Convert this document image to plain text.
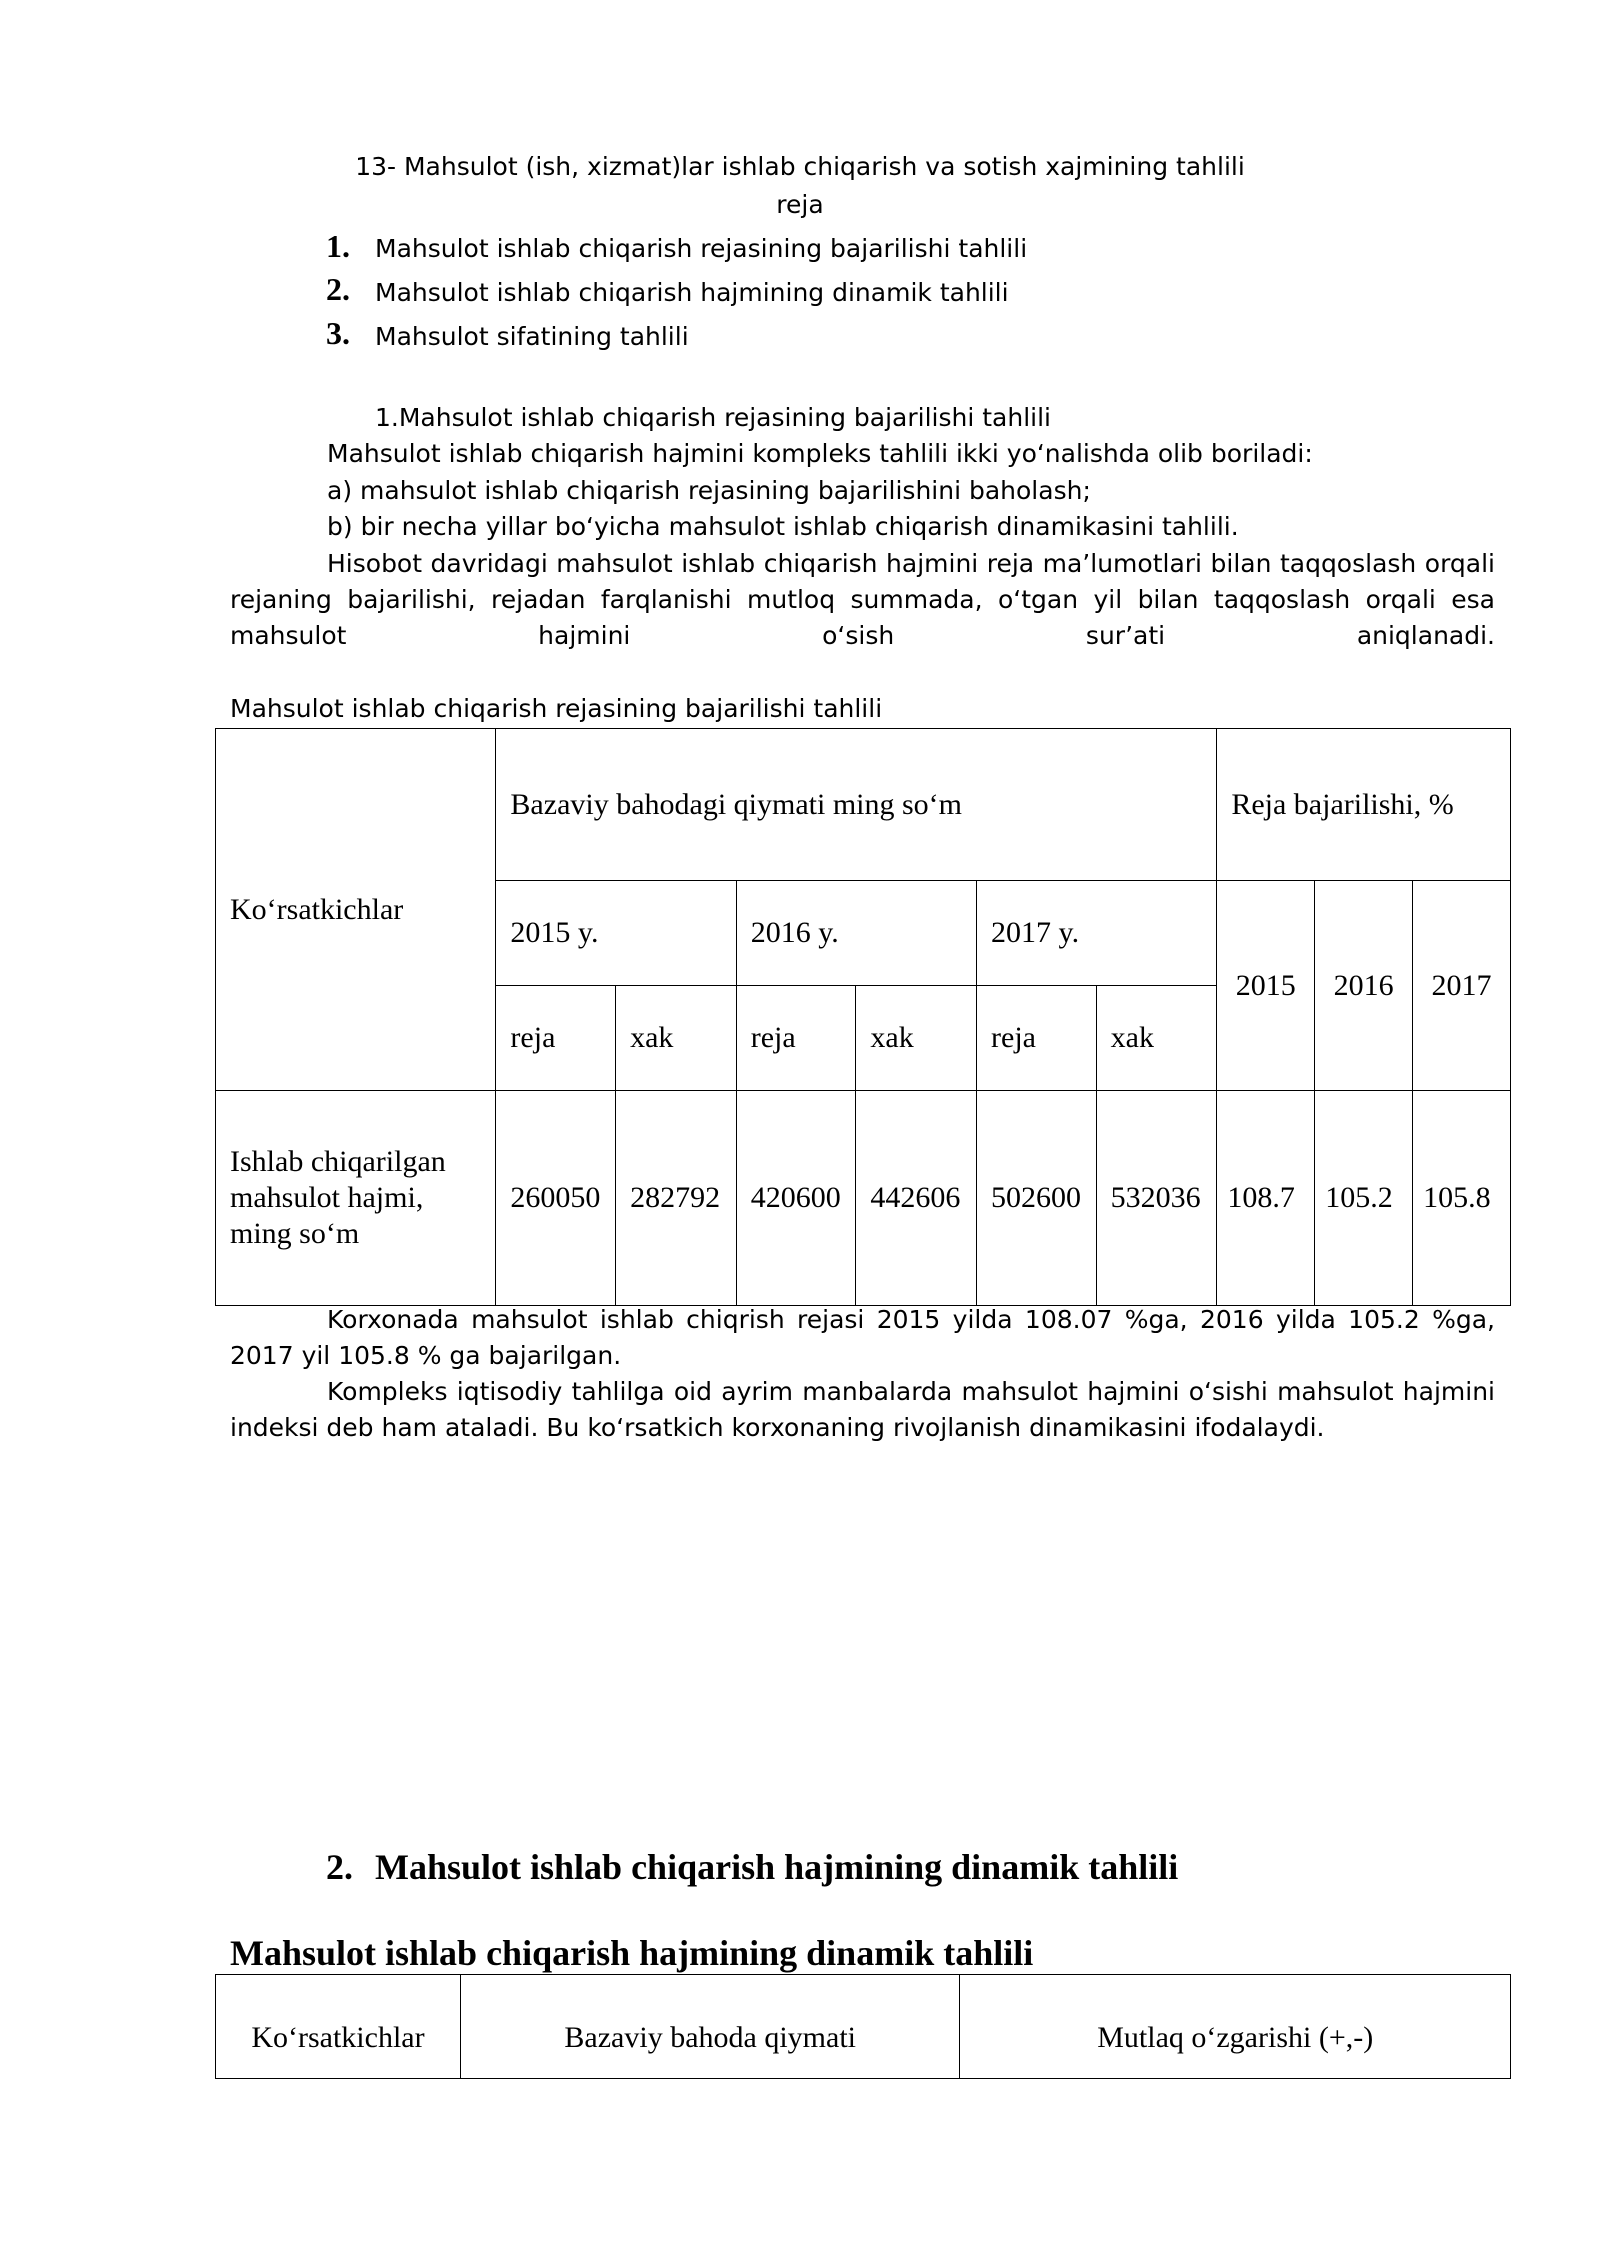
13- Mahsulot (ish, xizmat)lar ishlab chiqarish va sotish xajmining tahlili
reja
1. Mahsulot ishlab chiqarish rejasining bajarilishi tahlili
2. Mahsulot ishlab chiqarish hajmining dinamik tahlili
3. Mahsulot sifatining tahlili
1.Mahsulot ishlab chiqarish rejasining bajarilishi tahlili
Mahsulot ishlab chiqarish hajmini kompleks tahlili ikki yo‘nalishda olib boriladi:
a) mahsulot ishlab chiqarish rejasining bajarilishini baholash;
b) bir necha yillar bo‘yicha mahsulot ishlab chiqarish dinamikasini tahlili.
Hisobot davridagi mahsulot ishlab chiqarish hajmini reja ma’lumotlari bilan taqqoslash orqali rejaning bajarilishi, rejadan farqlanishi mutloq summada, o‘tgan yil bilan taqqoslash orqali esa mahsulot hajmini o‘sish sur’ati aniqlanadi.
Mahsulot ishlab chiqarish rejasining bajarilishi tahlili
Ko‘rsatkichlar	Bazaviy bahodagi qiymati ming so‘m						Reja bajarilishi, %		
	2015 y.		2016 y.		2017 y.		2015	2016	2017
	reja	xak	reja	xak	reja	xak			
Ishlab chiqarilgan mahsulot hajmi, ming so‘m	260050	282792	420600	442606	502600	532036	108.7	105.2	105.8
Korxonada mahsulot ishlab chiqrish rejasi 2015 yilda 108.07 %ga, 2016 yilda 105.2 %ga, 2017 yil 105.8 % ga bajarilgan.
Kompleks iqtisodiy tahlilga oid ayrim manbalarda mahsulot hajmini o‘sishi mahsulot hajmini indeksi deb ham ataladi. Bu ko‘rsatkich korxonaning rivojlanish dinamikasini ifodalaydi.
2. Mahsulot ishlab chiqarish hajmining dinamik tahlili
Mahsulot ishlab chiqarish hajmining dinamik tahlili
Ko‘rsatkichlar	Bazaviy bahoda qiymati	Mutlaq o‘zgarishi (+,-)
